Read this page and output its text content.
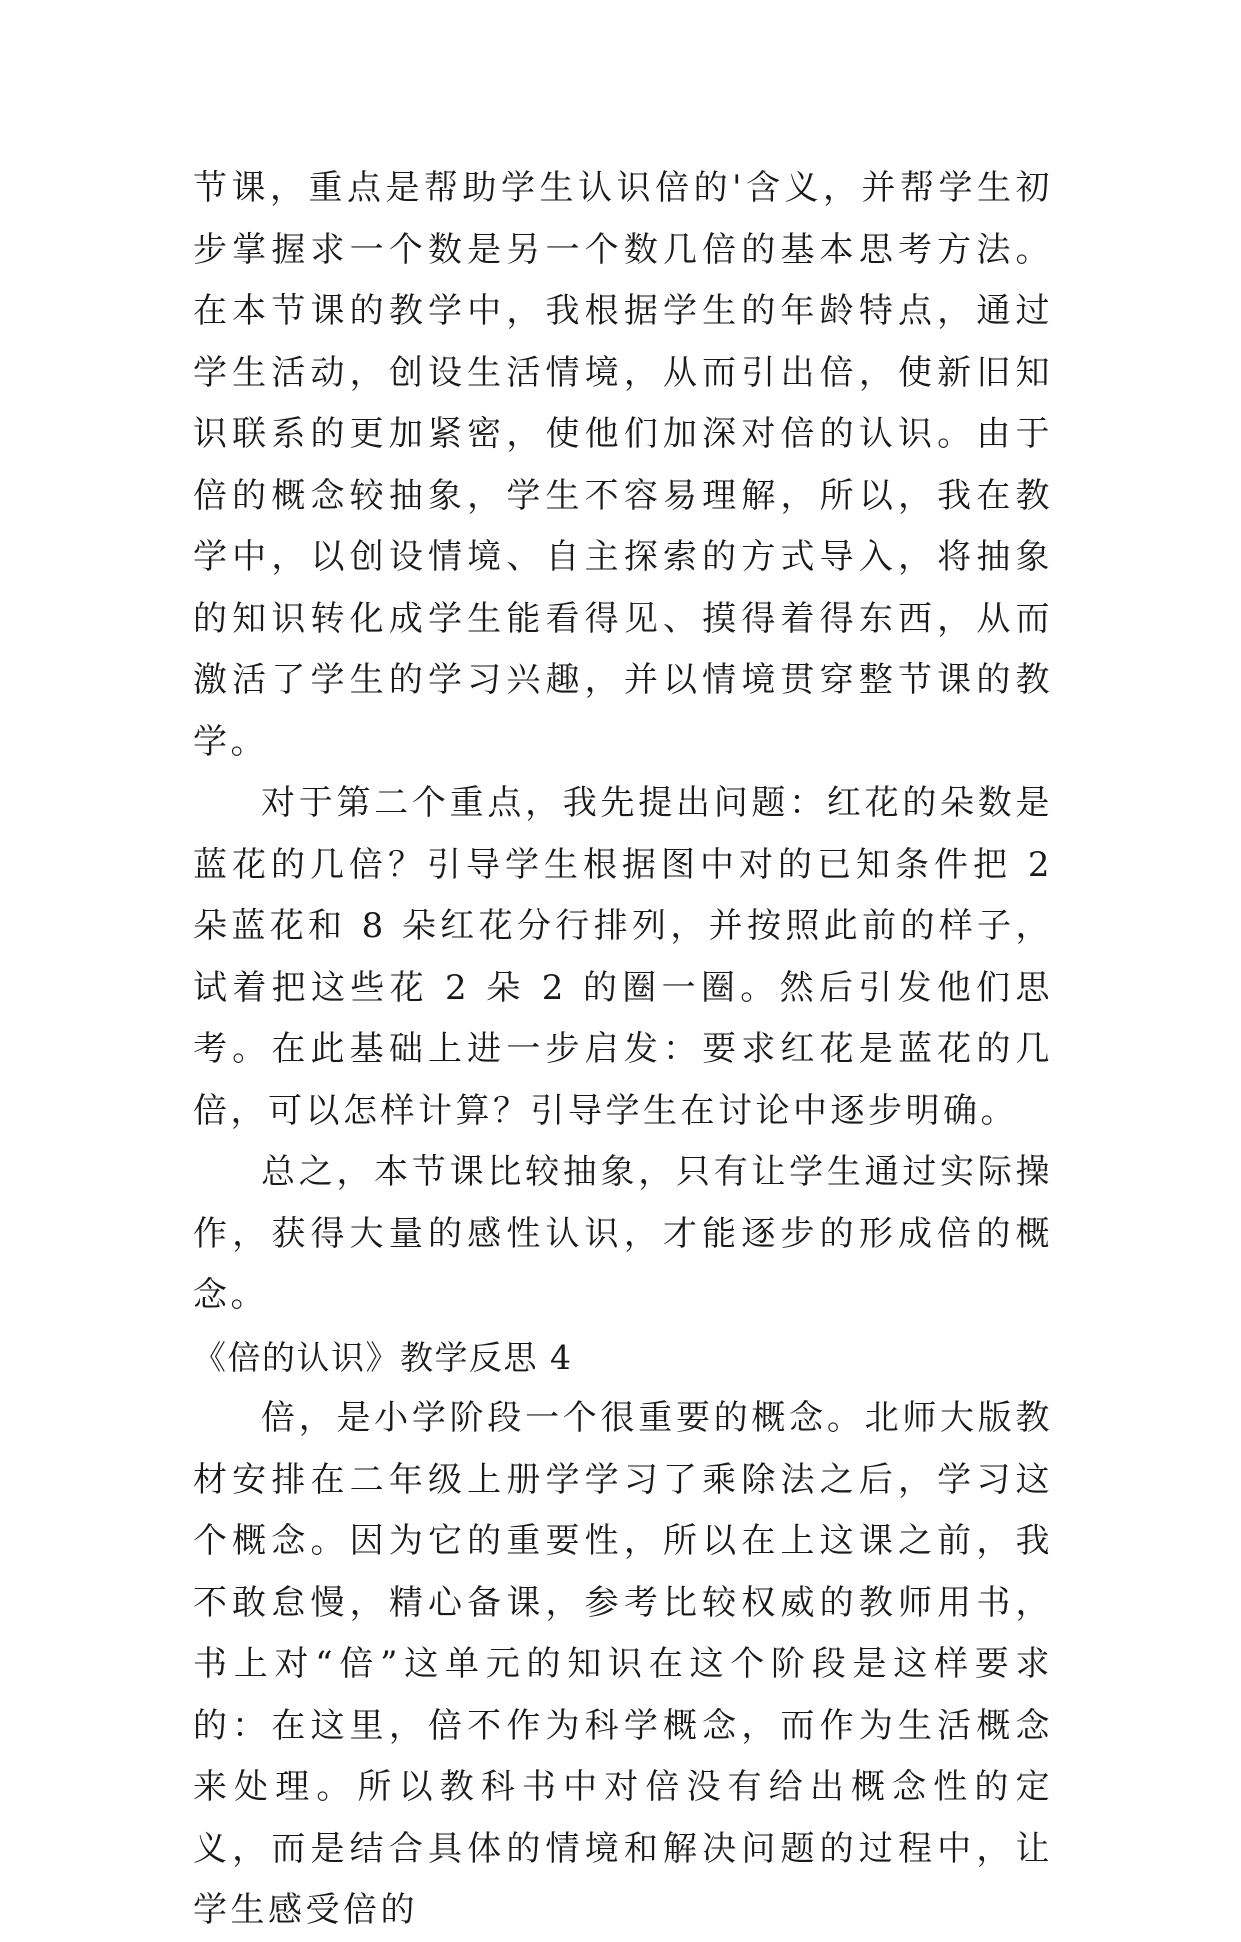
节课，重点是帮助学生认识倍的'含义，并帮学生初步掌握求一个数是另一个数几倍的基本思考方法。在本节课的教学中，我根据学生的年龄特点，通过学生活动，创设生活情境，从而引出倍，使新旧知识联系的更加紧密，使他们加深对倍的认识。由于倍的概念较抽象，学生不容易理解，所以，我在教学中，以创设情境、自主探索的方式导入，将抽象的知识转化成学生能看得见、摸得着得东西，从而激活了学生的学习兴趣，并以情境贯穿整节课的教学。

对于第二个重点，我先提出问题：红花的朵数是蓝花的几倍？引导学生根据图中对的已知条件把 2 朵蓝花和 8 朵红花分行排列，并按照此前的样子，试着把这些花 2 朵 2 的圈一圈。然后引发他们思考。在此基础上进一步启发：要求红花是蓝花的几倍，可以怎样计算？引导学生在讨论中逐步明确。

总之，本节课比较抽象，只有让学生通过实际操作，获得大量的感性认识，才能逐步的形成倍的概念。

《倍的认识》教学反思 4

倍，是小学阶段一个很重要的概念。北师大版教材安排在二年级上册学学习了乘除法之后，学习这个概念。因为它的重要性，所以在上这课之前，我不敢怠慢，精心备课，参考比较权威的教师用书，书上对“倍”这单元的知识在这个阶段是这样要求的：在这里，倍不作为科学概念，而作为生活概念来处理。所以教科书中对倍没有给出概念性的定义，而是结合具体的情境和解决问题的过程中，让学生感受倍的
